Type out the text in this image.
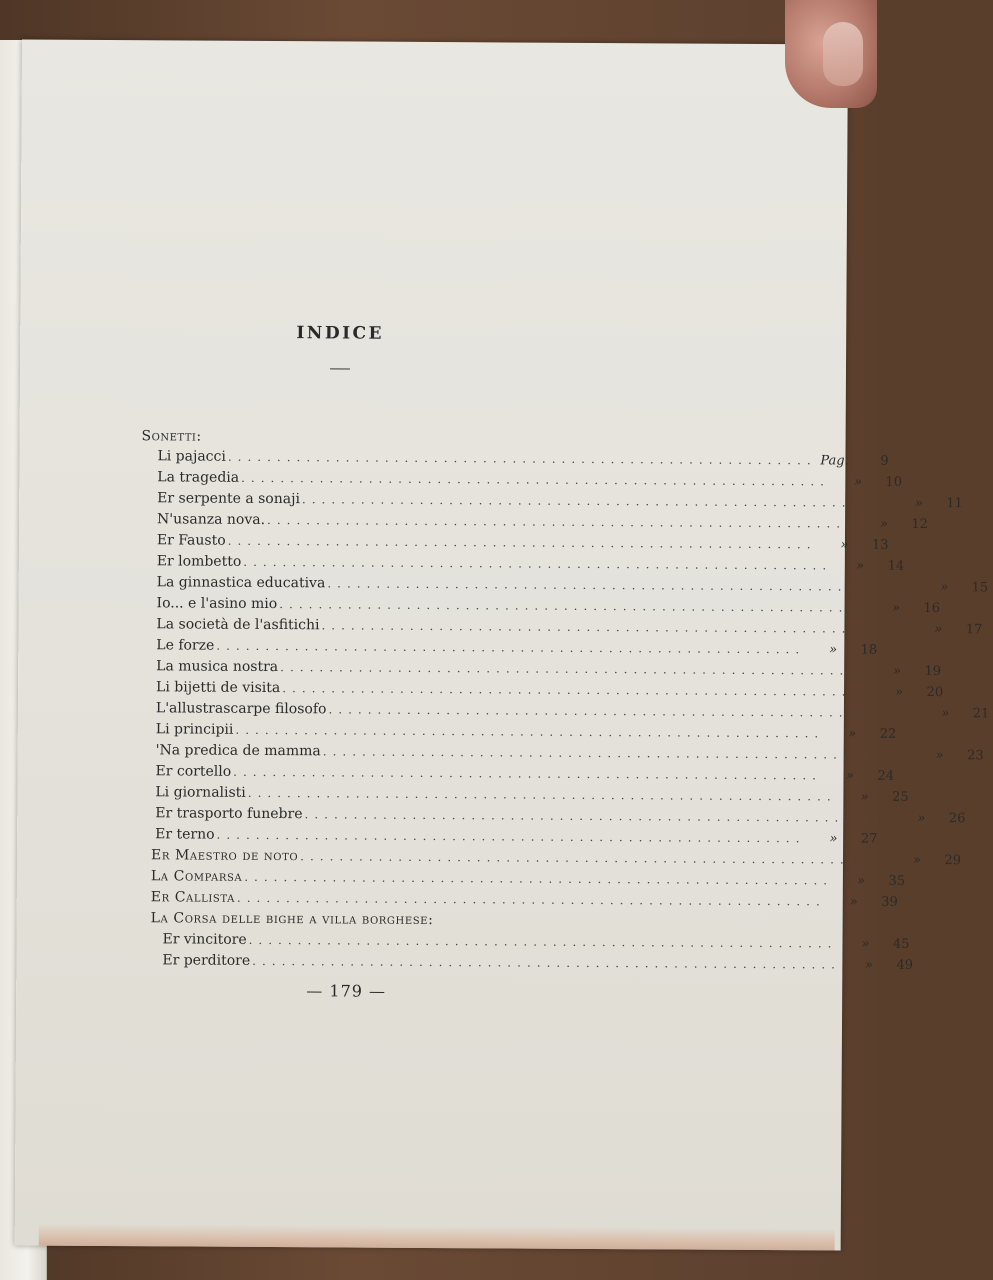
INDICE
Sonetti:
Li pajacci ............................................................ Pag.	9
La tragedia ............................................................	»	10
Er serpente a sonaji ............................................................	»	11
N'usanza nova. ............................................................	»	12
Er Fausto ............................................................	»	13
Er lombetto ............................................................	»	14
La ginnastica educativa ............................................................	»	15
Io... e l'asino mio ............................................................	»	16
La società de l'asfitichi ............................................................	»	17
Le forze ............................................................	»	18
La musica nostra ............................................................	»	19
Li bijetti de visita ............................................................	»	20
L'allustrascarpe filosofo ............................................................	»	21
Li principii ............................................................	»	22
'Na predica de mamma ............................................................	»	23
Er cortello ............................................................	»	24
Li giornalisti ............................................................	»	25
Er trasporto funebre ............................................................	»	26
Er terno ............................................................	»	27
Er Maestro de noto ............................................................	»	29
La Comparsa ............................................................	»	35
Er Callista ............................................................	»	39
La Corsa delle bighe a villa borghese:
Er vincitore ............................................................	»	45
Er perditore ............................................................	»	49
— 179 —
